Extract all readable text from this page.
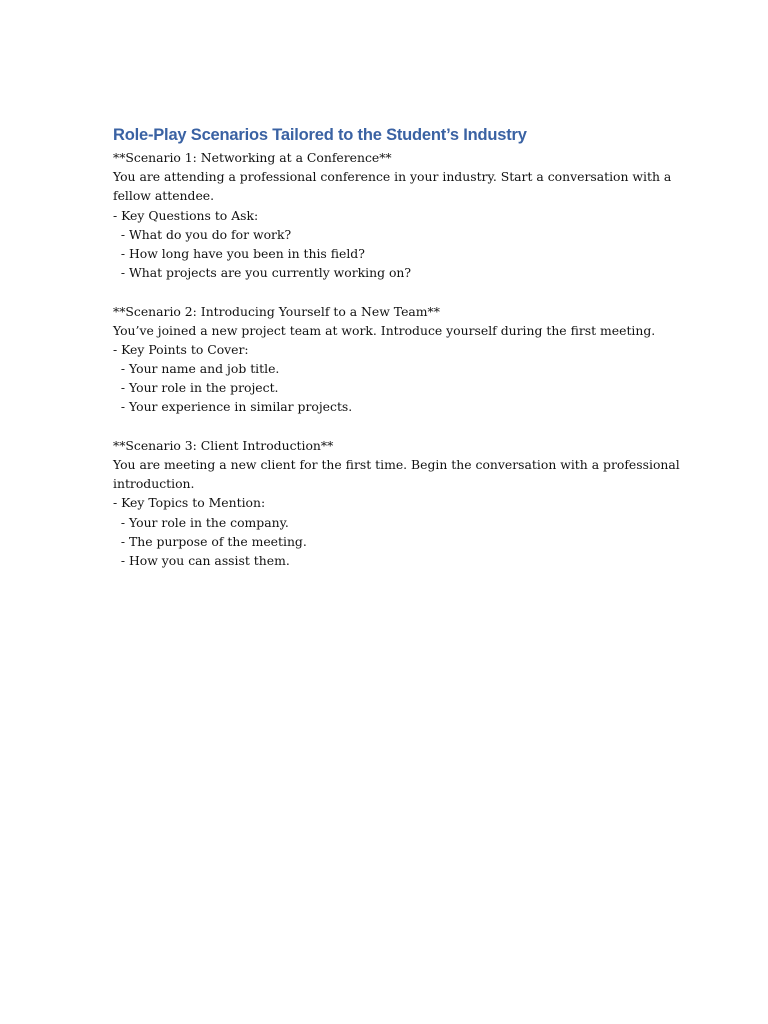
Role-Play Scenarios Tailored to the Student’s Industry

**Scenario 1: Networking at a Conference**

You are attending a professional conference in your industry. Start a conversation with a

fellow attendee.

- Key Questions to Ask:

- What do you do for work?

- How long have you been in this field?

- What projects are you currently working on?

**Scenario 2: Introducing Yourself to a New Team**

You’ve joined a new project team at work. Introduce yourself during the first meeting.

- Key Points to Cover:

- Your name and job title.

- Your role in the project.

- Your experience in similar projects.

**Scenario 3: Client Introduction**

You are meeting a new client for the first time. Begin the conversation with a professional

introduction.

- Key Topics to Mention:

- Your role in the company.

- The purpose of the meeting.

- How you can assist them.
